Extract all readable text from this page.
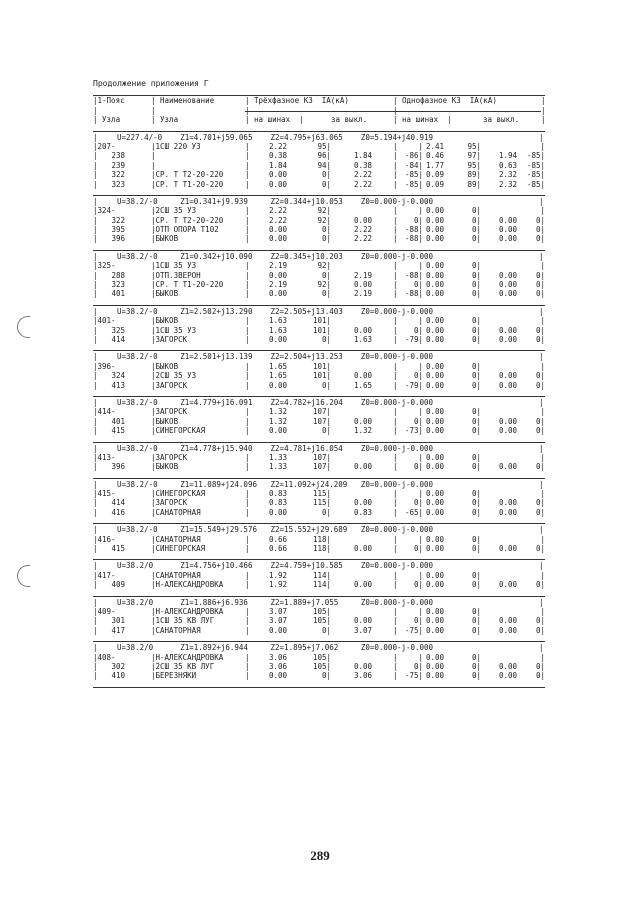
Продолжение приложения Г
|1-Пояс	| Наименование	| Трёхфазное КЗ  IA(кА)	| Однофазное КЗ  IA(кА)	|
|	|	|	|	|
| Узла	| Узла	| на шинах  |	за выкл.	| на шинах  |	за выкл.	|
|	U=227.4/-0    Z1=4.701+j59.065    Z2=4.795+j63.065    Z0=5.194+j40.919	|
|207-	|1СШ 220 УЗ	|	2.22	95|	| 2.41	95|	|
|
| 238	|	|	0.38	96|	1.84	-86| 0.46	97| 1.94 -85|
|
| 239	|	|	1.84	94|	0.38	-84| 1.77	95| 0.63 -85|
|
| 322	|СР. Т Т2-20-220	|	0.00	0|	2.22	-85| 0.09	89| 2.32 -85|
|
| 323	|СР. Т Т1-20-220	|	0.00	0|	2.22	-85| 0.09	89| 2.32 -85|
|
|	U=38.2/-0     Z1=0.341+j9.939     Z2=0.344+j10.053    Z0=0.000-j-0.000	|
|324-	|2СШ 35 УЗ	|	2.22	92|	| 0.00	0|	|
|
| 322	|СР. Т Т2-20-220	|	2.22	92|	0.00	0| 0.00	0| 0.00	0|
|
| 395	|ОТП ОПОРА Т102	|	0.00	0|	2.22	-88| 0.00	0| 0.00	0|
|
| 396	|БЫКОВ	|	0.00	0|	2.22	-88| 0.00	0| 0.00	0|
|
|	U=38.2/-0     Z1=0.342+j10.090    Z2=0.345+j10.203    Z0=0.000-j-0.000	|
|325-	|1СШ 35 УЗ	|	2.19	92|	| 0.00	0|	|
|
| 288	|ОТП.ЗВЕРОН	|	0.00	0|	2.19	-88| 0.00	0| 0.00	0|
|
| 323	|СР. Т Т1-20-220	|	2.19	92|	0.00	0| 0.00	0| 0.00	0|
|
| 401	|БЫКОВ	|	0.00	0|	2.19	-88| 0.00	0| 0.00	0|
|
|	U=38.2/-0     Z1=2.502+j13.290    Z2=2.505+j13.403    Z0=0.000-j-0.000	|
|401-	|БЫКОВ	|	1.63	101|	| 0.00	0|	|
|
| 325	|1СШ 35 УЗ	|	1.63	101|	0.00	0| 0.00	0| 0.00	0|
|
| 414	|ЗАГОРСК	|	0.00	0|	1.63	-79| 0.00	0| 0.00	0|
|
|	U=38.2/-0     Z1=2.501+j13.139    Z2=2.504+j13.253    Z0=0.000-j-0.000	|
|396-	|БЫКОВ	|	1.65	101|	| 0.00	0|	|
|
| 324	|2СШ 35 УЗ	|	1.65	101|	0.00	0| 0.00	0| 0.00	0|
|
| 413	|ЗАГОРСК	|	0.00	0|	1.65	-79| 0.00	0| 0.00	0|
|
|	U=38.2/-0     Z1=4.779+j16.091    Z2=4.782+j16.204    Z0=0.000-j-0.000	|
|414-	|ЗАГОРСК	|	1.32	107|	| 0.00	0|	|
|
| 401	|БЫКОВ	|	1.32	107|	0.00	0| 0.00	0| 0.00	0|
|
| 415	|СИНЕГОРСКАЯ	|	0.00	0|	1.32	-73| 0.00	0| 0.00	0|
|
|	U=38.2/-0     Z1=4.778+j15.940    Z2=4.781+j16.054    Z0=0.000-j-0.000	|
|413-	|ЗАГОРСК	|	1.33	107|	| 0.00	0|	|
|
| 396	|БЫКОВ	|	1.33	107|	0.00	0| 0.00	0| 0.00	0|
|
|	U=38.2/-0     Z1=11.089+j24.096   Z2=11.092+j24.209   Z0=0.000-j-0.000	|
|415-	|СИНЕГОРСКАЯ	|	0.83	115|	| 0.00	0|	|
|
| 414	|ЗАГОРСК	|	0.83	115|	0.00	0| 0.00	0| 0.00	0|
|
| 416	|САНАТОРНАЯ	|	0.00	0|	0.83	-65| 0.00	0| 0.00	0|
|
|	U=38.2/-0     Z1=15.549+j29.576   Z2=15.552+j29.689   Z0=0.000-j-0.000	|
|416-	|САНАТОРНАЯ	|	0.66	118|	| 0.00	0|	|
|
| 415	|СИНЕГОРСКАЯ	|	0.66	118|	0.00	0| 0.00	0| 0.00	0|
|
|	U=38.2/0      Z1=4.756+j10.466    Z2=4.759+j10.585    Z0=0.000-j-0.000	|
|417-	|САНАТОРНАЯ	|	1.92	114|	| 0.00	0|	|
|
| 409	|Н-АЛЕКСАНДРОВКА	|	1.92	114|	0.00	0| 0.00	0| 0.00	0|
|
|	U=38.2/0      Z1=1.886+j6.936     Z2=1.889+j7.055     Z0=0.000-j-0.000	|
|409-	|Н-АЛЕКСАНДРОВКА	|	3.07	105|	| 0.00	0|	|
|
| 301	|1СШ 35 КВ ЛУГ	|	3.07	105|	0.00	0| 0.00	0| 0.00	0|
|
| 417	|САНАТОРНАЯ	|	0.00	0|	3.07	-75| 0.00	0| 0.00	0|
|
|	U=38.2/0      Z1=1.892+j6.944     Z2=1.895+j7.062     Z0=0.000-j-0.000	|
|408-	|Н-АЛЕКСАНДРОВКА	|	3.06	105|	| 0.00	0|	|
|
| 302	|2СШ 35 КВ ЛУГ	|	3.06	105|	0.00	0| 0.00	0| 0.00	0|
|
| 410	|БЕРЕЗНЯКИ	|	0.00	0|	3.06	-75| 0.00	0| 0.00	0|
|
289
